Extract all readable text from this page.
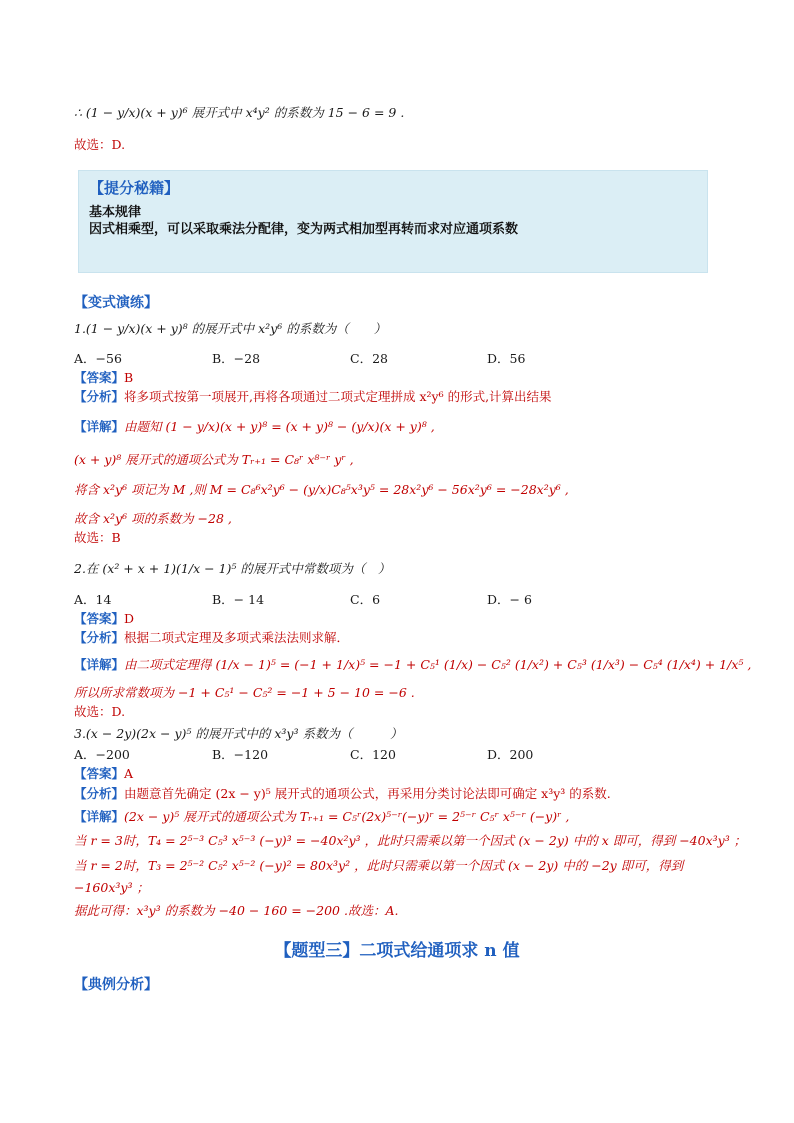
∴ (1 − y/x)(x + y)⁶ 展开式中 x⁴y² 的系数为 15 − 6 = 9 .
故选：D.
【提分秘籍】
基本规律
因式相乘型，可以采取乘法分配律，变为两式相加型再转而求对应通项系数
【变式演练】
1.(1 − y/x)(x + y)⁸ 的展开式中 x²y⁶ 的系数为（　　）
A．−56	B．−28	C．28	D．56
【答案】B
【分析】将多项式按第一项展开,再将各项通过二项式定理拼成 x²y⁶ 的形式,计算出结果
【详解】由题知 (1 − y/x)(x + y)⁸ = (x + y)⁸ − (y/x)(x + y)⁸ ,
(x + y)⁸ 展开式的通项公式为 Tᵣ₊₁ = C₈ʳ x⁸⁻ʳ yʳ ,
将含 x²y⁶ 项记为 M ,则 M = C₈⁶x²y⁶ − (y/x)C₈⁵x³y⁵ = 28x²y⁶ − 56x²y⁶ = −28x²y⁶ ,
故含 x²y⁶ 项的系数为 −28 ,
故选：B
2.在 (x² + x + 1)(1/x − 1)⁵ 的展开式中常数项为（　）
A．14	B．− 14	C．6	D．− 6
【答案】D
【分析】根据二项式定理及多项式乘法法则求解．
【详解】由二项式定理得 (1/x − 1)⁵ = (−1 + 1/x)⁵ = −1 + C₅¹ (1/x) − C₅² (1/x²) + C₅³ (1/x³) − C₅⁴ (1/x⁴) + 1/x⁵ ,
所以所求常数项为 −1 + C₅¹ − C₅² = −1 + 5 − 10 = −6 .
故选：D.
3.(x − 2y)(2x − y)⁵ 的展开式中的 x³y³ 系数为（　　　）
A．−200	B．−120	C．120	D．200
【答案】A
【分析】由题意首先确定 (2x − y)⁵ 展开式的通项公式，再采用分类讨论法即可确定 x³y³ 的系数.
【详解】(2x − y)⁵ 展开式的通项公式为 Tᵣ₊₁ = C₅ʳ(2x)⁵⁻ʳ(−y)ʳ = 2⁵⁻ʳ C₅ʳ x⁵⁻ʳ (−y)ʳ ,
当 r = 3时，T₄ = 2⁵⁻³ C₅³ x⁵⁻³ (−y)³ = −40x²y³ ，此时只需乘以第一个因式 (x − 2y) 中的 x 即可，得到 −40x³y³ ；
当 r = 2时，T₃ = 2⁵⁻² C₅² x⁵⁻² (−y)² = 80x³y² ，此时只需乘以第一个因式 (x − 2y) 中的 −2y 即可，得到
−160x³y³ ；
据此可得：x³y³ 的系数为 −40 − 160 = −200 .故选：A.
【题型三】二项式给通项求 n 值
【典例分析】
